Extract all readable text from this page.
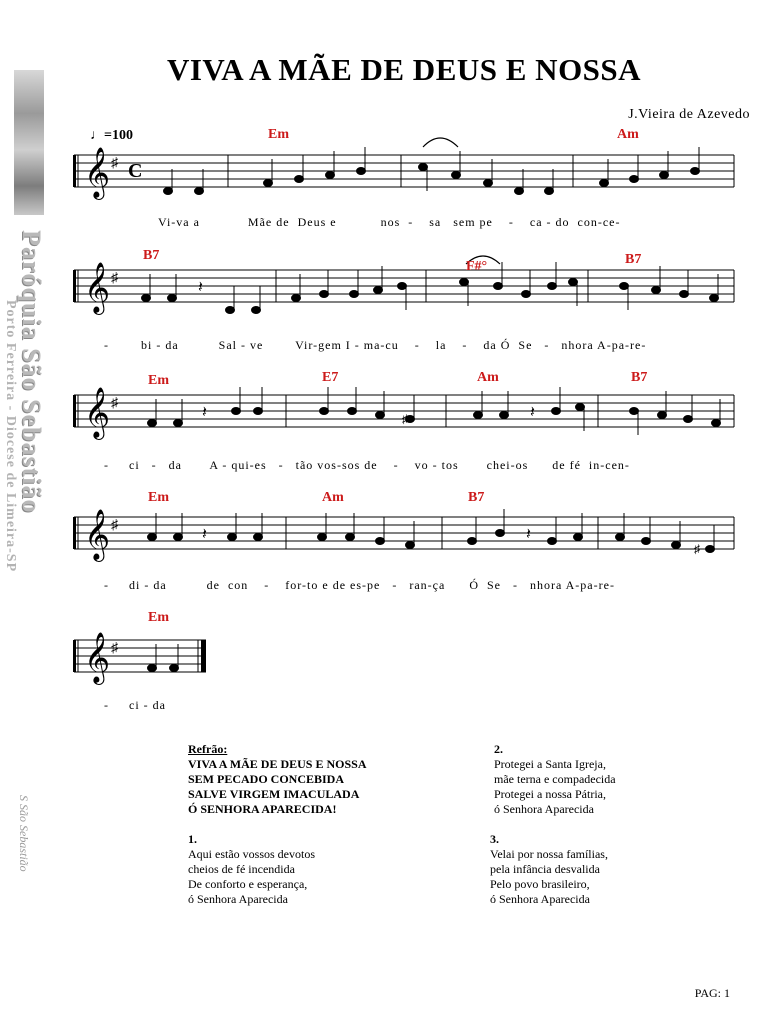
Paróquia São Sebastião
Porto Ferreira - Diocese de Limeira-SP
S São Sebastião
VIVA A MÃE DE DEUS E NOSSA
J.Vieira de Azevedo
♩=100
𝄞 ♯ C
Em	Am
Vi-va a            Mãe de  Deus e           nos  -    sa   sem pe    -    ca - do  con-ce-
𝄞 ♯
𝄽
B7
F#°	B7
-        bi - da          Sal - ve        Vir-gem I - ma-cu    -    la    -    da Ó  Se   -   nhora A-pa-re-
𝄞 ♯
♯
𝄽	𝄽
Em	E7	Am	B7
-     ci   -   da       A - qui-es   -   tão vos-sos de    -    vo - tos       chei-os      de fé  in-cen-
𝄞 ♯
♯
𝄽	𝄽
Em	Am	B7
-     di - da          de  con    -    for-to e de es-pe   -   ran-ça      Ó  Se   -   nhora A-pa-re-
𝄞 ♯
Em
-     ci - da
Refrão:
VIVA A MÃE DE DEUS E NOSSA
SEM PECADO CONCEBIDA
SALVE VIRGEM IMACULADA
Ó SENHORA APARECIDA!
1.
Aqui estão vossos devotos
cheios de fé incendida
De conforto e esperança,
ó Senhora Aparecida
2.
Protegei a Santa Igreja,
mãe terna e compadecida
Protegei a nossa Pátria,
ó Senhora Aparecida
3.
Velai por nossa famílias,
pela infância desvalida
Pelo povo brasileiro,
ó Senhora Aparecida
PAG: 1
